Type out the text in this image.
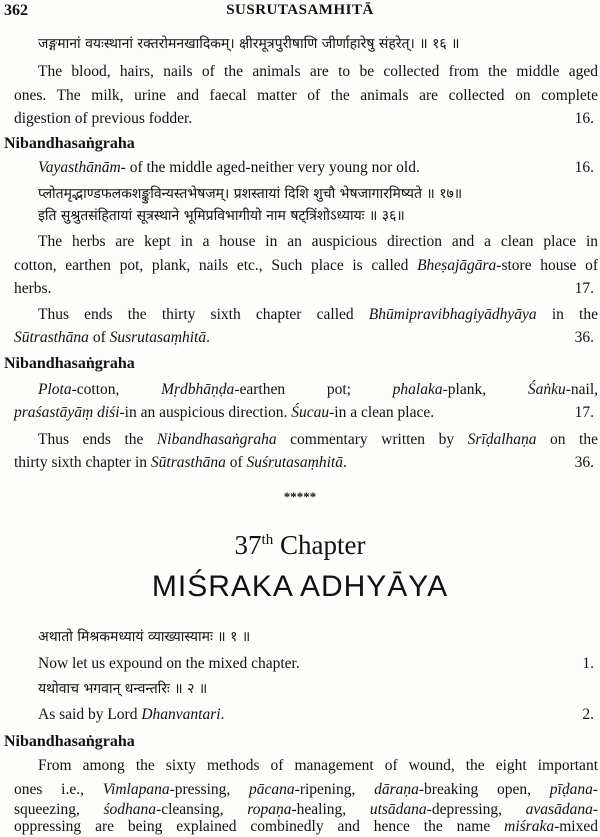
362	SUSRUTASAMHITĀ
जङ्गमानां वयःस्थानां रक्तरोमनखादिकम्। क्षीरमूत्रपुरीषाणि जीर्णाहारेषु संहरेत्। ॥ १६ ॥
The blood, hairs, nails of the animals are to be collected from the middle aged
ones. The milk, urine and faecal matter of the animals are collected on complete
digestion of previous fodder.	16.
Nibandhasaṅgraha
Vayasthānām- of the middle aged-neither very young nor old.	16.
प्लोतमृद्भाण्डफलकशङ्कुविन्यस्तभेषजम्। प्रशस्तायां दिशि शुचौ भेषजागारमिष्यते ॥ १७॥
इति सुश्रुतसंहितायां सूत्रस्थाने भूमिप्रविभागीयो नाम षट्त्रिंशोऽध्यायः ॥ ३६॥
The herbs are kept in a house in an auspicious direction and a clean place in
cotton, earthen pot, plank, nails etc., Such place is called Bheṣajāgāra-store house of
herbs.	17.
Thus ends the thirty sixth chapter called Bhūmipravibhagiyādhyāya in the
Sūtrasthāna of Susrutasaṃhitā.	36.
Nibandhasaṅgraha
Plota-cotton,	Mṛdbhāṇḍa-earthen pot;	phalaka-plank,	Śaṅku-nail,
praśastāyāṃ diśi-in an auspicious direction. Śucau-in a clean place.	17.
Thus ends the Nibandhasaṅgraha commentary written by Srīḍalhaṇa on the
thirty sixth chapter in Sūtrasthāna of Suśrutasaṃhitā.	36.
*****
37th Chapter
MIŚRAKA ADHYĀYA
अथातो मिश्रकमध्यायं व्याख्यास्यामः ॥ १ ॥
Now let us expound on the mixed chapter.	1.
यथोवाच भगवान् धन्वन्तरिः ॥ २ ॥
As said by Lord Dhanvantari.	2.
Nibandhasaṅgraha
From among the sixty methods of management of wound, the eight important
ones i.e., Vimlapana-pressing, pācana-ripening, dāraṇa-breaking open, pīḍana-
squeezing, śodhana-cleansing, ropaṇa-healing, utsādana-depressing, avasādana-
oppressing are being explained combinedly and hence the name miśraka-mixed
